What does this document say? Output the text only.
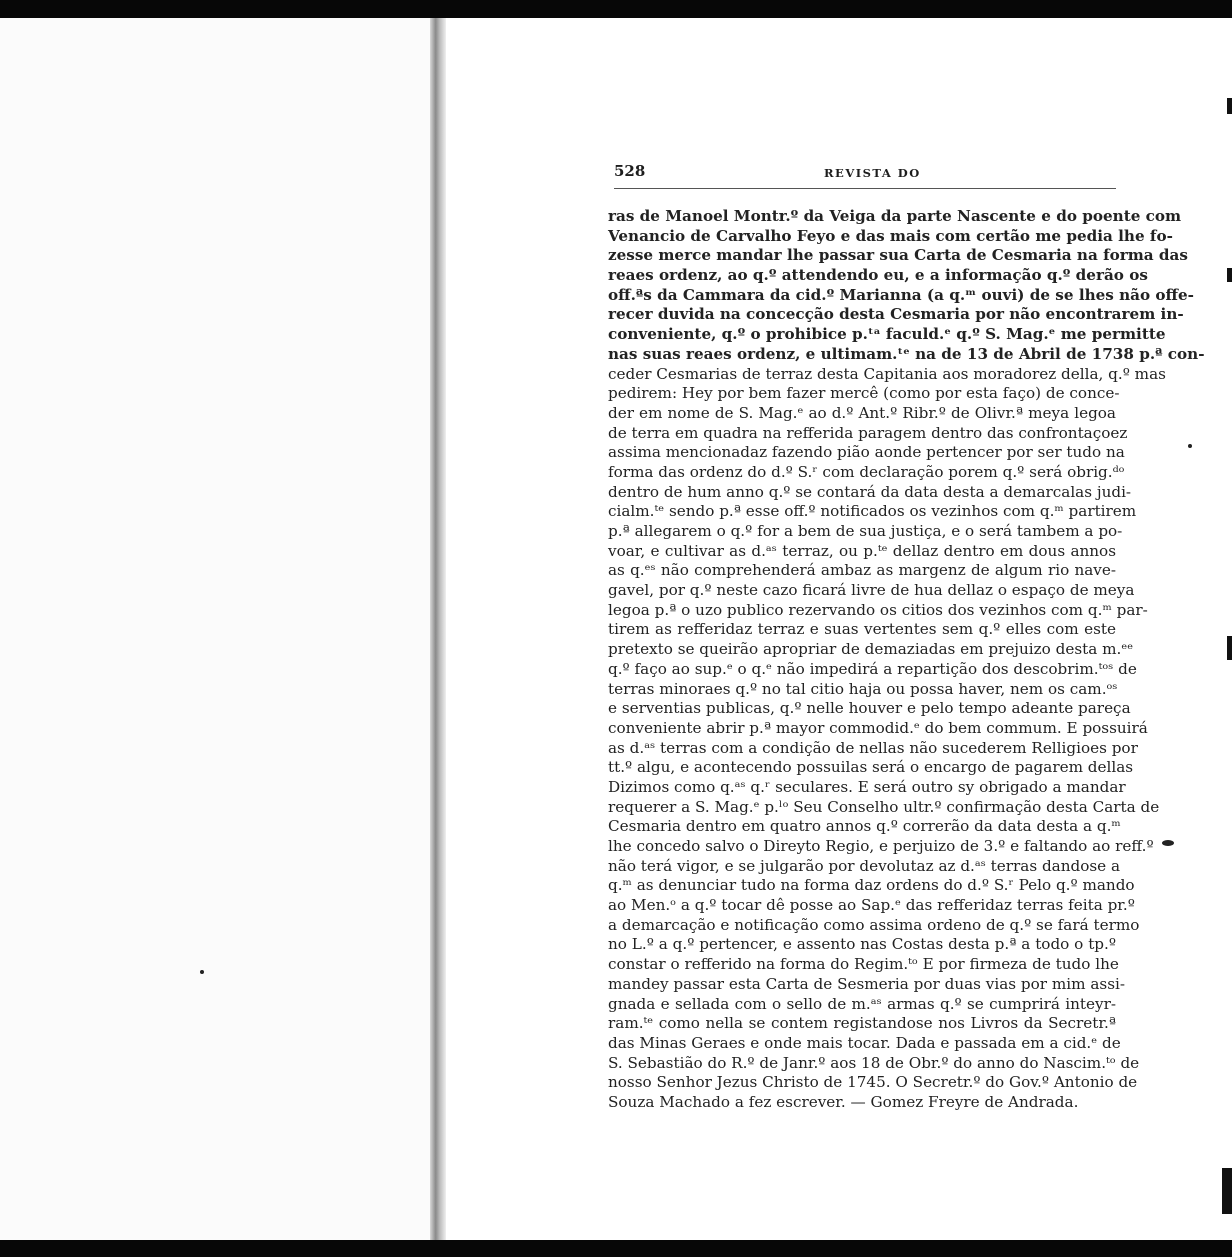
528	REVISTA DO
ras de Manoel Montr.º da Veiga da parte Nascente e do poente com
Venancio de Carvalho Feyo e das mais com certão me pedia lhe fo-
zesse merce mandar lhe passar sua Carta de Cesmaria na forma das
reaes ordenz, ao q.º attendendo eu, e a informação q.º derão os
off.ªs da Cammara da cid.º Marianna (a q.ᵐ ouvi) de se lhes não offe-
recer duvida na concecção desta Cesmaria por não encontrarem in-
conveniente, q.º o prohibice p.ᵗᵃ faculd.ᵉ q.º S. Mag.ᵉ me permitte
nas suas reaes ordenz, e ultimam.ᵗᵉ na de 13 de Abril de 1738 p.ª con-
ceder Cesmarias de terraz desta Capitania aos moradorez della, q.º mas
pedirem: Hey por bem fazer mercê (como por esta faço) de conce-
der em nome de S. Mag.ᵉ ao d.º Ant.º Ribr.º de Olivr.ª meya legoa
de terra em quadra na refferida paragem dentro das confrontaçoez
assima mencionadaz fazendo pião aonde pertencer por ser tudo na
forma das ordenz do d.º S.ʳ com declaração porem q.º será obrig.ᵈᵒ
dentro de hum anno q.º se contará da data desta a demarcalas judi-
cialm.ᵗᵉ sendo p.ª esse off.º notificados os vezinhos com q.ᵐ partirem
p.ª allegarem o q.º for a bem de sua justiça, e o será tambem a po-
voar, e cultivar as d.ᵃˢ terraz, ou p.ᵗᵉ dellaz dentro em dous annos
as q.ᵉˢ não comprehenderá ambaz as margenz de algum rio nave-
gavel, por q.º neste cazo ficará livre de hua dellaz o espaço de meya
legoa p.ª o uzo publico rezervando os citios dos vezinhos com q.ᵐ par-
tirem as refferidaz terraz e suas vertentes sem q.º elles com este
pretexto se queirão apropriar de demaziadas em prejuizo desta m.ᵉᵉ
q.º faço ao sup.ᵉ o q.ᵉ não impedirá a repartição dos descobrim.ᵗᵒˢ de
terras minoraes q.º no tal citio haja ou possa haver, nem os cam.ᵒˢ
e serventias publicas, q.º nelle houver e pelo tempo adeante pareça
conveniente abrir p.ª mayor commodid.ᵉ do bem commum. E possuirá
as d.ᵃˢ terras com a condição de nellas não sucederem Relligioes por
tt.º algu, e acontecendo possuilas será o encargo de pagarem dellas
Dizimos como q.ᵃˢ q.ʳ seculares. E será outro sy obrigado a mandar
requerer a S. Mag.ᵉ p.ˡᵒ Seu Conselho ultr.º confirmação desta Carta de
Cesmaria dentro em quatro annos q.º correrão da data desta a q.ᵐ
lhe concedo salvo o Direyto Regio, e perjuizo de 3.º e faltando ao reff.º
não terá vigor, e se julgarão por devolutaz az d.ᵃˢ terras dandose a
q.ᵐ as denunciar tudo na forma daz ordens do d.º S.ʳ Pelo q.º mando
ao Men.ᵒ a q.º tocar dê posse ao Sap.ᵉ das refferidaz terras feita pr.º
a demarcação e notificação como assima ordeno de q.º se fará termo
no L.º a q.º pertencer, e assento nas Costas desta p.ª a todo o tp.º
constar o refferido na forma do Regim.ᵗᵒ E por firmeza de tudo lhe
mandey passar esta Carta de Sesmeria por duas vias por mim assi-
gnada e sellada com o sello de m.ᵃˢ armas q.º se cumprirá inteyr-
ram.ᵗᵉ como nella se contem registandose nos Livros da Secretr.ª
das Minas Geraes e onde mais tocar. Dada e passada em a cid.ᵉ de
S. Sebastião do R.º de Janr.º aos 18 de Obr.º do anno do Nascim.ᵗᵒ de
nosso Senhor Jezus Christo de 1745. O Secretr.º do Gov.º Antonio de
Souza Machado a fez escrever. — Gomez Freyre de Andrada.
